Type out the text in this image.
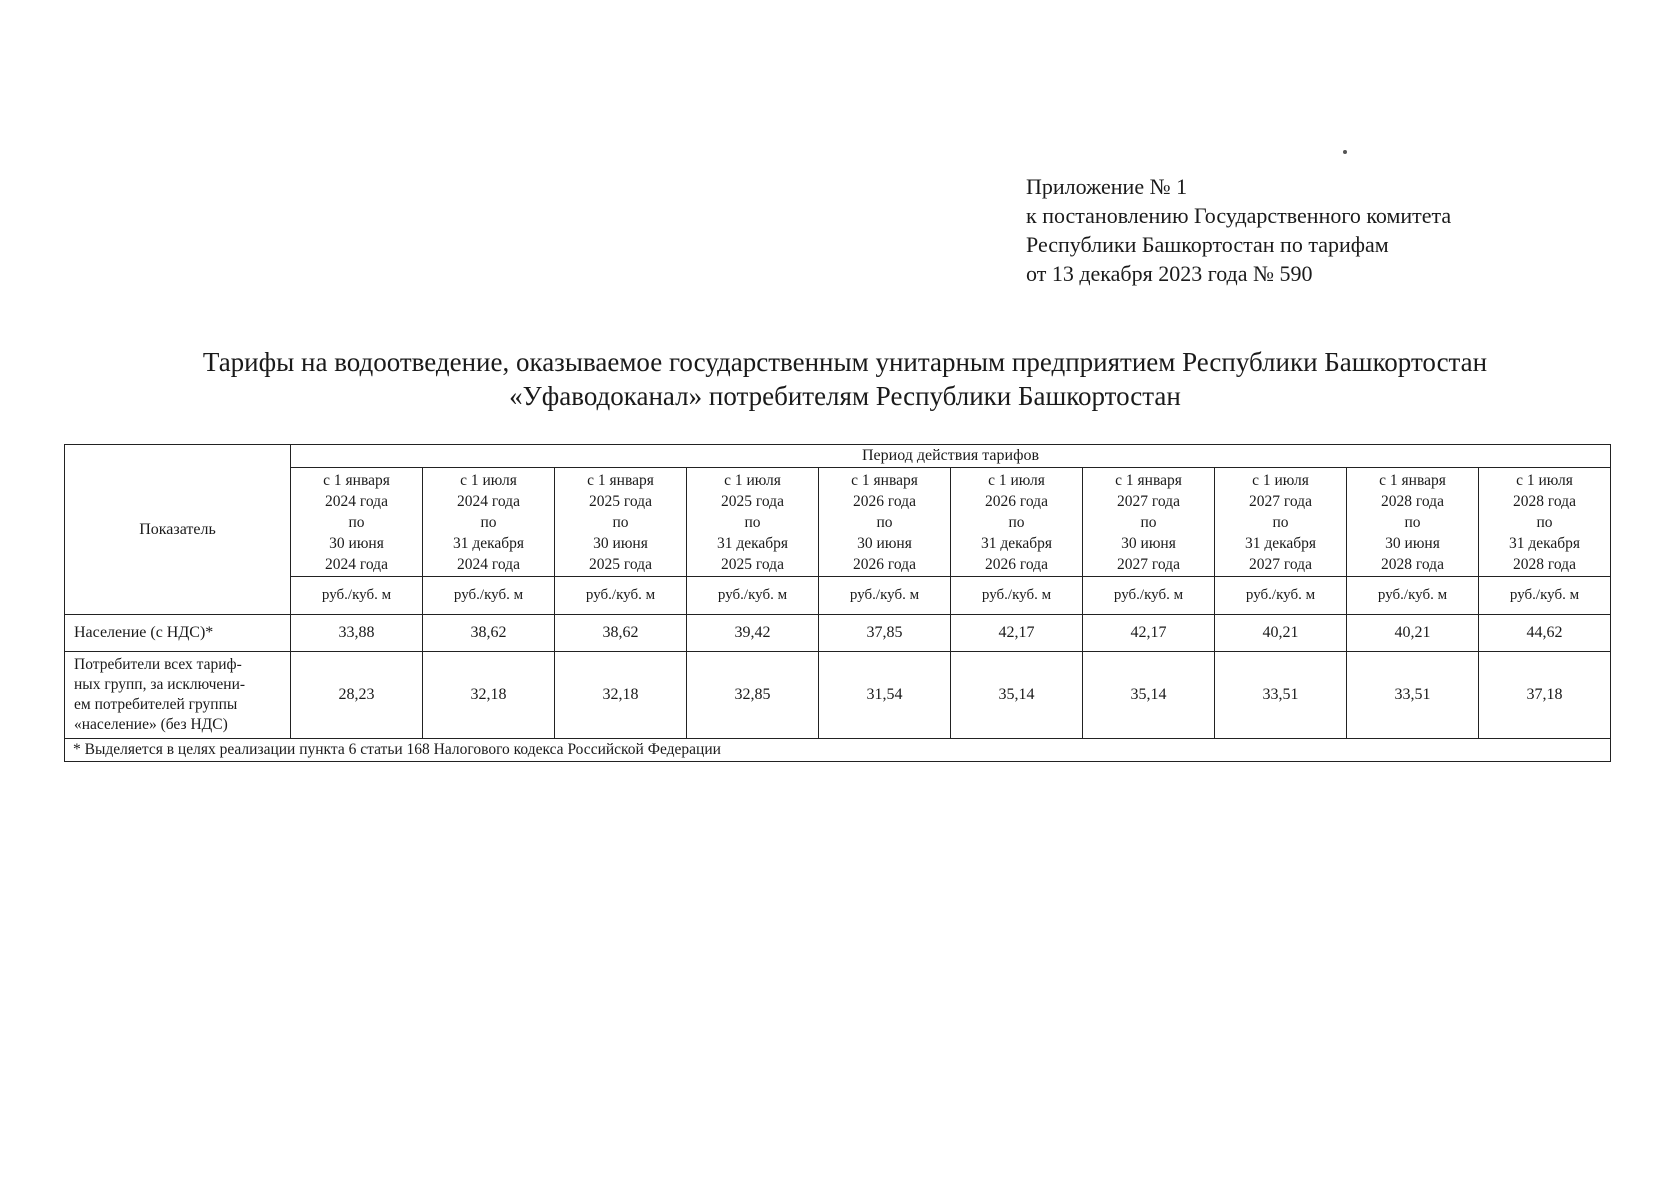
Приложение № 1
к постановлению Государственного комитета
Республики Башкортостан по тарифам
от 13 декабря 2023 года № 590
Тарифы на водоотведение, оказываемое государственным унитарным предприятием Республики Башкортостан
«Уфаводоканал» потребителям Республики Башкортостан
Показатель	Период действия тарифов									

	с 1 января
2024 года
по
30 июня
2024 года	с 1 июля
2024 года
по
31 декабря
2024 года	с 1 января
2025 года
по
30 июня
2025 года	с 1 июля
2025 года
по
31 декабря
2025 года	с 1 января
2026 года
по
30 июня
2026 года	с 1 июля
2026 года
по
31 декабря
2026 года	с 1 января
2027 года
по
30 июня
2027 года	с 1 июля
2027 года
по
31 декабря
2027 года	с 1 января
2028 года
по
30 июня
2028 года	с 1 июля
2028 года
по
31 декабря
2028 года

	руб./куб. м	руб./куб. м	руб./куб. м	руб./куб. м	руб./куб. м	руб./куб. м	руб./куб. м	руб./куб. м	руб./куб. м	руб./куб. м
Население (с НДС)*	33,88	38,62	38,62	39,42	37,85	42,17	42,17	40,21	40,21	44,62

Потребители всех тариф-
ных групп, за исключени-
ем потребителей группы
«население» (без НДС)	28,23	32,18	32,18	32,85	31,54	35,14	35,14	33,51	33,51	37,18
* Выделяется в целях реализации пункта 6 статьи 168 Налогового кодекса Российской Федерации										
